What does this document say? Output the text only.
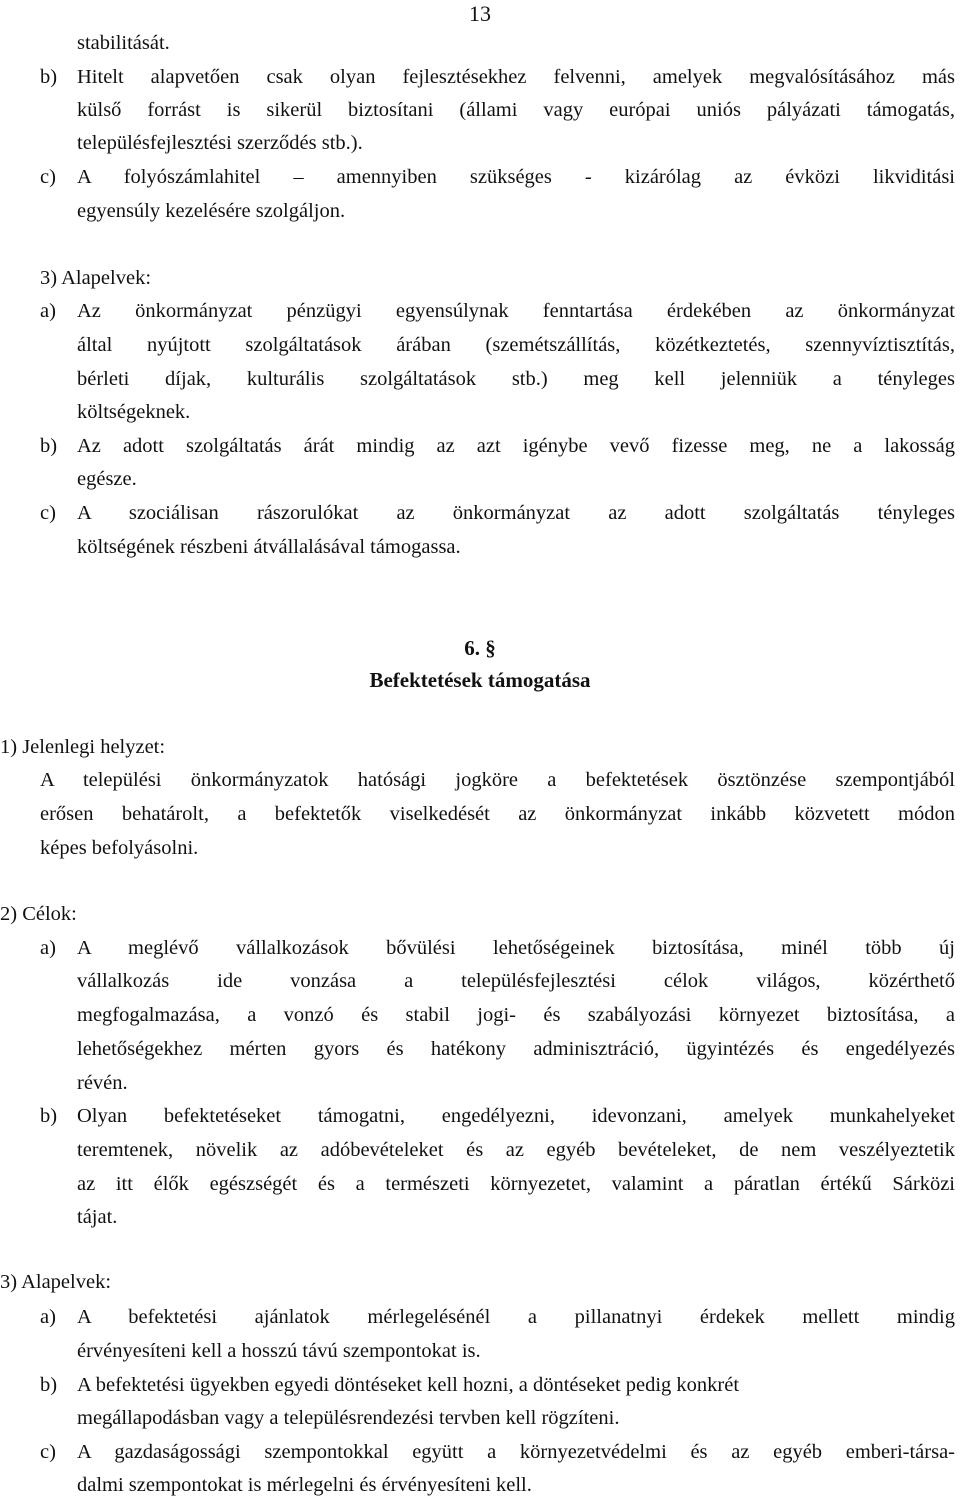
13
stabilitását.
b) Hitelt alapvetően csak olyan fejlesztésekhez felvenni, amelyek megvalósításához más
külső forrást is sikerül biztosítani (állami vagy európai uniós pályázati támogatás,
településfejlesztési szerződés stb.).
c) A folyószámlahitel – amennyiben szükséges - kizárólag az évközi likviditási
egyensúly kezelésére szolgáljon.
3) Alapelvek:
a) Az önkormányzat pénzügyi egyensúlynak fenntartása érdekében az önkormányzat
által nyújtott szolgáltatások árában (szemétszállítás, közétkeztetés, szennyvíztisztítás,
bérleti díjak, kulturális szolgáltatások stb.) meg kell jelenniük a tényleges
költségeknek.
b) Az adott szolgáltatás árát mindig az azt igénybe vevő fizesse meg, ne a lakosság
egésze.
c) A szociálisan rászorulókat az önkormányzat az adott szolgáltatás tényleges
költségének részbeni átvállalásával támogassa.
6. §
Befektetések támogatása
1) Jelenlegi helyzet:
A települési önkormányzatok hatósági jogköre a befektetések ösztönzése szempontjából
erősen behatárolt, a befektetők viselkedését az önkormányzat inkább közvetett módon
képes befolyásolni.
2) Célok:
a) A meglévő vállalkozások bővülési lehetőségeinek biztosítása, minél több új
vállalkozás ide vonzása a településfejlesztési célok világos, közérthető
megfogalmazása, a vonzó és stabil jogi- és szabályozási környezet biztosítása, a
lehetőségekhez mérten gyors és hatékony adminisztráció, ügyintézés és engedélyezés
révén.
b) Olyan befektetéseket támogatni, engedélyezni, idevonzani, amelyek munkahelyeket
teremtenek, növelik az adóbevételeket és az egyéb bevételeket, de nem veszélyeztetik
az itt élők egészségét és a természeti környezetet, valamint a páratlan értékű Sárközi
tájat.
3) Alapelvek:
a) A befektetési ajánlatok mérlegelésénél a pillanatnyi érdekek mellett mindig
érvényesíteni kell a hosszú távú szempontokat is.
b) A befektetési ügyekben egyedi döntéseket kell hozni, a döntéseket pedig konkrét
megállapodásban vagy a településrendezési tervben kell rögzíteni.
c) A gazdaságossági szempontokkal együtt a környezetvédelmi és az egyéb emberi-társa-
dalmi szempontokat is mérlegelni és érvényesíteni kell.
